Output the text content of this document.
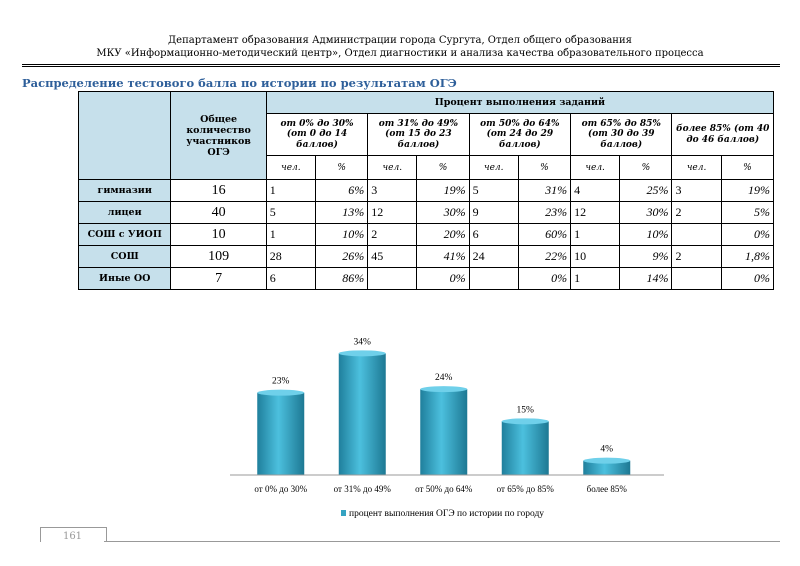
Департамент образования Администрации города Сургута, Отдел общего образования
МКУ «Информационно-методический центр», Отдел диагностики и анализа качества образовательного процесса
Распределение тестового балла по истории по результатам ОГЭ
	Общее количество участников ОГЭ	Процент выполнения заданий									
		от 0% до 30% (от 0 до 14 баллов)		от 31% до 49% (от 15 до 23 баллов)		от 50% до 64% (от 24 до 29 баллов)		от 65% до 85% (от 30 до 39 баллов)		более 85% (от 40 до 46 баллов)	
		чел.	%	чел.	%	чел.	%	чел.	%	чел.	%
гимназии	16	1	6%	3	19%	5	31%	4	25%	3	19%
лицеи	40	5	13%	12	30%	9	23%	12	30%	2	5%
СОШ с УИОП	10	1	10%	2	20%	6	60%	1	10%		0%
СОШ	109	28	26%	45	41%	24	22%	10	9%	2	1,8%
Иные ОО	7	6	86%		0%		0%	1	14%		0%
23%
от 0% до 30%
34%
от 31% до 49%
24%
от 50% до 64%
15%
от 65% до 85%
4%
более 85%
процент выполнения ОГЭ по истории по городу
161
